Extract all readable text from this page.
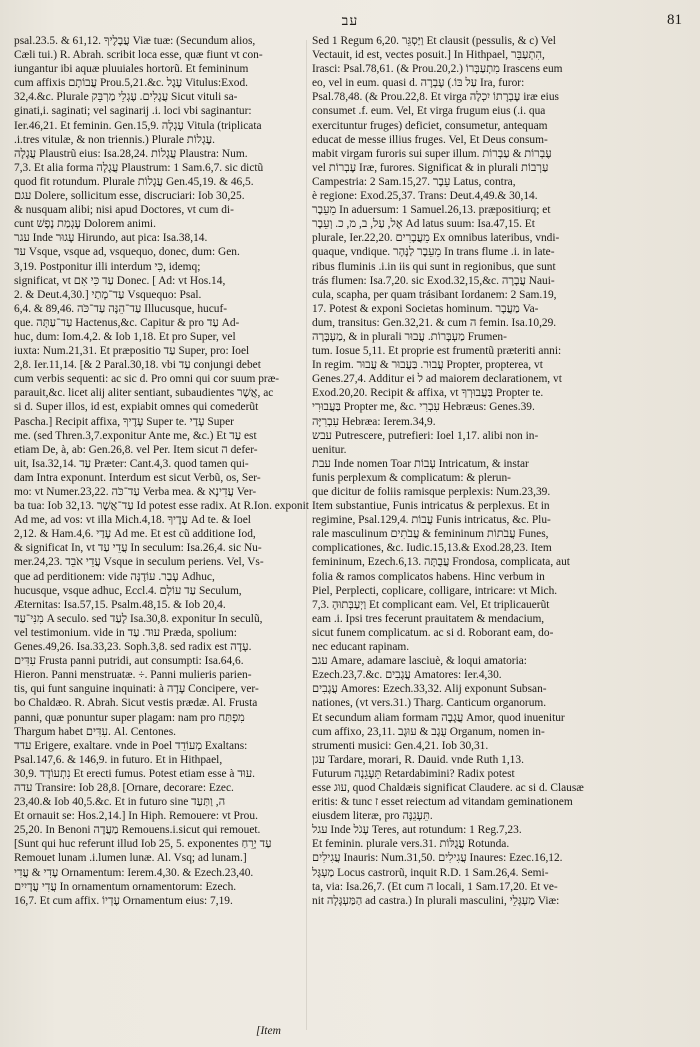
עב	81
psal.23.5. & 61,12. עֲבָלֶיךָ Viæ tuæ: (Secundum alios,
Cæli tui.) R. Abrah. scribit loca esse, quæ fiunt vt con-
iungantur ibi aquæ pluuiales hortorũ. Et femininum
cum affixis עֲבוֹתָם Prou.5,21.&c. עֶגֶל Vitulus:Exod.
32,4.&c. Plurale עֲגָלִים. עֶגְלֵי מַרְבֵּק Sicut vituli sa-
ginati,i. saginati; vel saginarij .i. loci vbi saginantur:
Ier.46,21. Et feminin. Gen.15,9. עֶגְלָה Vitula (triplicata
.i.tres vitulæ, & non triennis.) Plurale עֶגְלוֹת.
עֲגָלָה Plaustrũ eius: Isa.28,24. עֲגָלוֹת Plaustra: Num.
7,3. Et alia forma עֲגָלָה Plaustrum: 1 Sam.6,7. sic dictũ
quod fit rotundum. Plurale עֲגָלוֹת Gen.45,19. & 46,5.
עגם Dolere, sollicitum esse, discruciari: Iob 30,25.
& nusquam alibi; nisi apud Doctores, vt cum di-
cunt עָגְמַת נֶפֶשׁ Dolorem animi.
עגר Inde עָגוּר Hirundo, aut pica: Isa.38,14.
עד Vsque, vsque ad, vsquequo, donec, dum: Gen.
3,19. Postponitur illi interdum כִּי, idemq;
significat, vt עַד כִּי אִם Donec. [ Ad: vt Hos.14,
2. & Deut.4,30.] עַד־מָתַי Vsquequo: Psal.
6,4. & 89,46. עַד־הֵנָּה עַד־כֹּה Illucusque, hucuf-
que. עַד־עַתָּה Hactenus,&c. Capitur & pro עַד Ad-
huc, dum: Iom.4,2. & Iob 1,18. Et pro Super, vel
iuxta: Num.21,31. Et præpositio עַד Super, pro: Ioel
2,8. Ier.11,14. [& 2 Paral.30,18. vbi עַד conjungi debet
cum verbis sequenti: ac sic d. Pro omni qui cor suum præ-
parauit,&c. licet alij aliter sentiant, subaudientes אֲשֶׁר, ac
si d. Super illos, id est, expiabit omnes qui comederũt
Pascha.] Recipit affixa, עָדֶיךָ Super te. עָדַי Super
me. (sed Thren.3,7.exponitur Ante me, &c.) Et עַד est
etiam De, à, ab: Gen.26,8. vel Per. Item sicut ה defer-
uit, Isa.32,14. עַד Præter: Cant.4,3. quod tamen qui-
dam Intra exponunt. Interdum est sicut Verbũ, os, Ser-
mo: vt Numer.23,22. עַד־כֹּה Verba mea. & עֲדִינָא Ver-
ba tua: Iob 32,13. עַד־אֲשֶׁר Id potest esse radix. At R.Ion. exponit
Ad me, ad vos: vt illa Mich.4,18. עָדֶיךָ Ad te. & Ioel
2,12. & Ham.4,6. עָדַי Ad me. Et est cũ additione Iod,
& significat In, vt עֲדֵי עַד In seculum: Isa.26,4. sic Nu-
mer.24,23. עֲדֵי אֹבֵד Vsque in seculum periens. Vel, Vs-
que ad perditionem: vide עָבַר. עוֹדֶנָּה Adhuc,
hucusque, vsque adhuc, Eccl.4. עַד עוֹלָם Seculum,
Æternitas: Isa.57,15. Psalm.48,15. & Iob 20,4.
מִנִּי־עַד A seculo. sed לָעַד Isa.30,8. exponitur In seculũ,
vel testimonium. vide in עוּד. עַד Præda, spolium:
Genes.49,26. Isa.33,23. Soph.3,8. sed radix est עָדָה.
עִדִּים Frusta panni putridi, aut consumpti: Isa.64,6.
Hieron. Panni menstruatæ. ÷. Panni mulieris parien-
tis, qui funt sanguine inquinati: à עָדָה Concipere, ver-
bo Chaldæo. R. Abrah. Sicut vestis prædæ. Al. Frusta
panni, quæ ponuntur super plagam: nam pro מִפְתַּח
Thargum habet עִדִּים. Al. Centones.
עדד Erigere, exaltare. vnde in Poel מְעוֹדֵד Exaltans:
Psal.147,6. & 146,9. in futuro. Et in Hithpael,
30,9. נִתְעוֹדָד Et erecti fumus. Potest etiam esse à עוּד.
עדה Transire: Iob 28,8. [Ornare, decorare: Ezec.
23,40.& Iob 40,5.&c. Et in futuro sine ה, וַתַּעַד
Et ornauit se: Hos.2,14.] In Hiph. Remouere: vt Prou.
25,20. In Benoni מַעֲדֶה Remouens.i.sicut qui remouet.
[Sunt qui huc referunt illud Iob 25, 5. exponentes עַד יָרֵחַ
Remouet lunam .i.lumen lunæ. Al. Vsq; ad lunam.]
עֶדִי & עֲדִי Ornamentum: Ierem.4,30. & Ezech.23,40.
עֲדִי עֲדָיִים In ornamentum ornamentorum: Ezech.
16,7. Et cum affix. עֶדְיוֹ Ornamentum eius: 7,19.
Sed 1 Regum 6,20. וַיַּסְגֵּר Et clausit (pessulis, & c) Vel
Vectauit, id est, vectes posuit.] In Hithpael, הִתְעַבֵּר,
Irasci: Psal.78,61. (& Prou.20,2.) מִתְעַבְּרוֹ Irascens eum
eo, vel in eum. quasi d. עַל בּוֹ.) עֶבְרָה Ira, furor:
Psal.78,48. (& Prou.22,8. Et virga עֶבְרָתוֹ יִכְלֶה iræ eius
consumet .f. eum. Vel, Et virga frugum eius (.i. qua
exercituntur fruges) deficiet, consumetur, antequam
educat de messe illius fruges. Vel, Et Deus consum-
mabit virgam furoris sui super illum. עֶבְרוֹת & עַבְרוֹת
vel עֶבְרוֹת Iræ, furores. Significat & in plurali עַרְבוֹת
Campestria: 2 Sam.15,27. עֵבֶר Latus, contra,
è regione: Exod.25,37. Trans: Deut.4,49.& 30,14.
מֵעֵבֶר In aduersum: 1 Samuel.26,13. præpositiurq; et
אֶל, עַל, ב, מ, כ. וְעֵבֶר Ad latus suum: Isa.47,15. Et
plurale, Ier.22,20. מֵעֲבָרִים Ex omnibus lateribus, vndi-
quaque, vndique. מֵעֵבֶר לַנָּהָר In trans flume .i. in late-
ribus fluminis .i.in iis qui sunt in regionibus, que sunt
trás flumen: Isa.7,20. sic Exod.32,15,&c. עֲבָרָה Naui-
cula, scapha, per quam trásibant Iordanem: 2 Sam.19,
17. Potest & exponi Societas hominum. מַעֲבָר Va-
dum, transitus: Gen.32,21. & cum ה femin. Isa.10,29.
מַעְבָּרָה, & in plurali מַעְבָּרוֹת. עֲבוּר Frumen-
tum. Iosue 5,11. Et proprie est frumentũ præteriti anni:
In regim. עֲבוּר. בַּעֲבוּר & עֲבוּר Propter, propterea, vt
Genes.27,4. Additur ei ל ad maiorem declarationem, vt
Exod.20,20. Recipit & affixa, vt בַּעֲבוּרְךָ Propter te.
בַּעֲבוּרִי Propter me, &c. עִבְרִי Hebræus: Genes.39.
עִבְרִיָּה Hebræa: Ierem.34,9.
עבש Putrescere, putrefieri: Ioel 1,17. alibi non in-
uenitur.
עבת Inde nomen Toar עָבוֹת Intricatum, & instar
funis perplexum & complicatum: & plerun-
que dicitur de foliis ramisque perplexis: Num.23,39.
Item substantiue, Funis intricatus & perplexus. Et in
regimine, Psal.129,4. עֲבוֹת Funis intricatus, &c. Plu-
rale masculinum עֲבֹתִים & femininum עֲבֹתוֹת Funes,
complicationes, &c. Iudic.15,13.& Exod.28,23. Item
femininum, Ezech.6,13. עֲבֻתָּה Frondosa, complicata, aut
folia & ramos complicatos habens. Hinc verbum in
Piel, Perplecti, coplicare, colligare, intricare: vt Mich.
7,3. וַיְעַבְּתוּהָ Et complicant eam. Vel, Et triplicauerũt
eam .i. Ipsi tres fecerunt prauitatem & mendacium,
sicut funem complicatum. ac si d. Roborant eam, do-
nec educant rapinam.
עגב Amare, adamare lasciuè, & loqui amatoria:
Ezech.23,7.&c. עֲגָבִים Amatores: Ier.4,30.
עֲגָבִים Amores: Ezech.33,32. Alij exponunt Subsan-
nationes, (vt vers.31.) Tharg. Canticum organorum.
Et secundum aliam formam עֲגָבָה Amor, quod inuenitur
cum affixo, 23,11. עֻגָב & עוּגָב Organum, nomen in-
strumenti musici: Gen.4,21. Iob 30,31.
עגן Tardare, morari, R. Dauid. vnde Ruth 1,13.
Futurum תֵּעָגֵנָה Retardabimini? Radix potest
esse עוּג, quod Chaldæis significat Claudere. ac si d. Clausæ
eritis: & tunc ז esset reiectum ad vitandam geminationem
eiusdem literæ, pro תֵּעָגֵנָּה.
עגל Inde עָגֹל Teres, aut rotundum: 1 Reg.7,23.
Et feminin. plurale vers.31. עֲגֻלּוֹת Rotunda.
עֲגִילִים Inauris: Num.31,50. עֲגִילִים Inaures: Ezec.16,12.
מַעְגָּל Locus castrorũ, inquit R.D. 1 Sam.26,4. Semi-
ta, via: Isa.26,7. (Et cum ה locali, 1 Sam.17,20. Et ve-
nit הַמַּעְגָּלָה ad castra.) In plurali masculini, מַעְגְּלֵי Viæ:
[Item
